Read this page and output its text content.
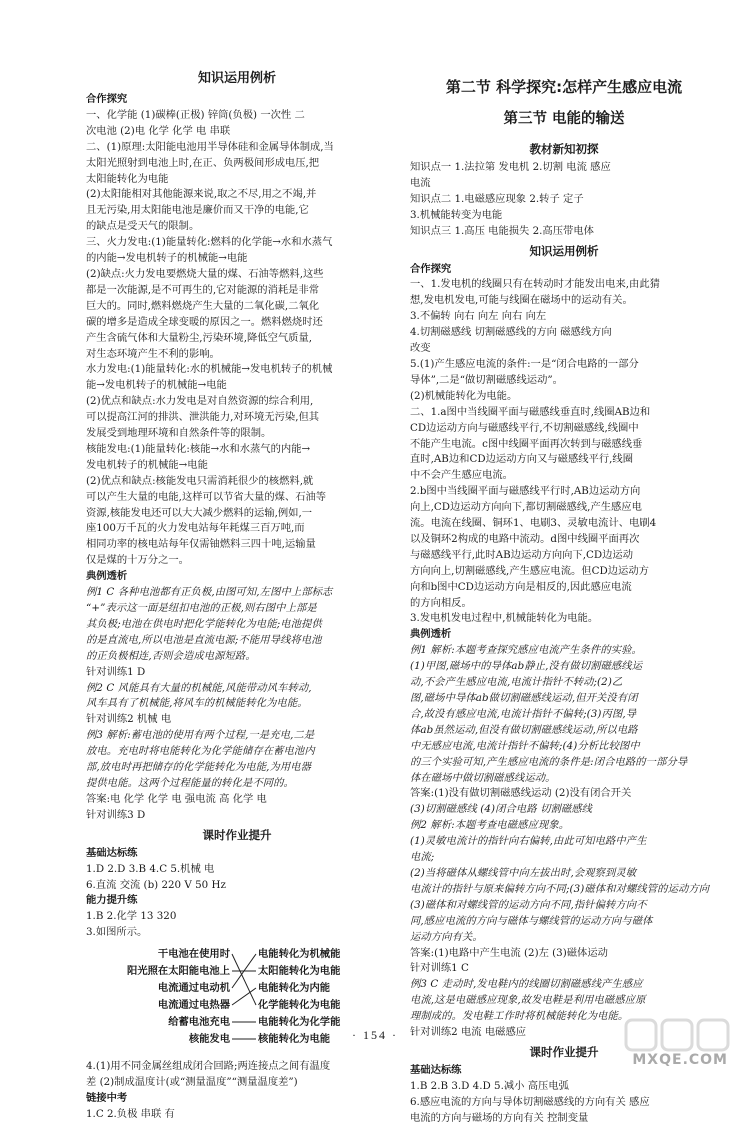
知识运用例析
合作探究
一、化学能 (1)碳棒(正极) 锌筒(负极) 一次性 二
次电池 (2)电 化学 化学 电 串联
二、(1)原理:太阳能电池用半导体硅和金属导体制成,当
太阳光照射到电池上时,在正、负两极间形成电压,把
太阳能转化为电能
(2)太阳能相对其他能源来说,取之不尽,用之不竭,并
且无污染,用太阳能电池是廉价而又干净的电能,它
的缺点是受天气的限制。
三、火力发电:(1)能量转化:燃料的化学能→水和水蒸气
的内能→发电机转子的机械能→电能
(2)缺点:火力发电要燃烧大量的煤、石油等燃料,这些
都是一次能源,是不可再生的,它对能源的消耗是非常
巨大的。同时,燃料燃烧产生大量的二氧化碳,二氧化
碳的增多是造成全球变暖的原因之一。燃料燃烧时还
产生含硫气体和大量粉尘,污染环境,降低空气质量,
对生态环境产生不利的影响。
水力发电:(1)能量转化:水的机械能→发电机转子的机械
能→发电机转子的机械能→电能
(2)优点和缺点:水力发电是对自然资源的综合利用,
可以提高江河的排洪、泄洪能力,对环境无污染,但其
发展受到地理环境和自然条件等的限制。
核能发电:(1)能量转化:核能→水和水蒸气的内能→
发电机转子的机械能→电能
(2)优点和缺点:核能发电只需消耗很少的核燃料,就
可以产生大量的电能,这样可以节省大量的煤、石油等
资源,核能发电还可以大大减少燃料的运输,例如,一
座100万千瓦的火力发电站每年耗煤三百万吨,而
相同功率的核电站每年仅需铀燃料三四十吨,运输量
仅是煤的十万分之一。
典例透析
例1 C 各种电池都有正负极,由图可知,左图中上部标志
“+”表示这一面是纽扣电池的正极,则右图中上部是
其负极;电池在供电时把化学能转化为电能;电池提供
的是直流电,所以电池是直流电源;不能用导线将电池
的正负极相连,否则会造成电源短路。
针对训练1 D
例2 C 风能具有大量的机械能,风能带动风车转动,
风车具有了机械能,将风车的机械能转化为电能。
针对训练2 机械 电
例3 解析:蓄电池的使用有两个过程,一是充电,二是
放电。充电时将电能转化为化学能储存在蓄电池内
部,放电时再把储存的化学能转化为电能,为用电器
提供电能。这两个过程能量的转化是不同的。
答案:电 化学 化学 电 强电流 高 化学 电
针对训练3 D
课时作业提升
基础达标练
1.D 2.D 3.B 4.C 5.机械 电
6.直流 交流 (b) 220 V 50 Hz
能力提升练
1.B 2.化学 13 320
3.如图所示。
干电池在使用时
阳光照在太阳能电池上
电流通过电动机
电流通过电热器
给蓄电池充电
核能发电
电能转化为机械能
太阳能转化为电能
电能转化为内能
化学能转化为电能
电能转化为化学能
核能转化为电能
4.(1)用不同金属丝组成闭合回路;两连接点之间有温度
差 (2)制成温度计(或“测量温度”“测量温度差”)
链接中考
1.C 2.负极 串联 有
第二节 科学探究:怎样产生感应电流
第三节 电能的输送
教材新知初探
知识点一 1.法拉第 发电机 2.切割 电流 感应
电流
知识点二 1.电磁感应现象 2.转子 定子
3.机械能转变为电能
知识点三 1.高压 电能损失 2.高压带电体
知识运用例析
合作探究
一、1.发电机的线圈只有在转动时才能发出电来,由此猜
想,发电机发电,可能与线圈在磁场中的运动有关。
3.不偏转 向右 向左 向右 向左
4.切割磁感线 切割磁感线的方向 磁感线方向
改变
5.(1)产生感应电流的条件:一是“闭合电路的一部分
导体”,二是“做切割磁感线运动”。
(2)机械能转化为电能。
二、1.a图中当线圈平面与磁感线垂直时,线圈AB边和
CD边运动方向与磁感线平行,不切割磁感线,线圈中
不能产生电流。c图中线圈平面再次转到与磁感线垂
直时,AB边和CD边运动方向又与磁感线平行,线圈
中不会产生感应电流。
2.b图中当线圈平面与磁感线平行时,AB边运动方向
向上,CD边运动方向向下,都切割磁感线,产生感应电
流。电流在线圈、铜环1、电刷3、灵敏电流计、电刷4
以及铜环2构成的电路中流动。d图中线圈平面再次
与磁感线平行,此时AB边运动方向向下,CD边运动
方向向上,切割磁感线,产生感应电流。但CD边运动方
向和b图中CD边运动方向是相反的,因此感应电流
的方向相反。
3.发电机发电过程中,机械能转化为电能。
典例透析
例1 解析:本题考查探究感应电流产生条件的实验。
(1)甲图,磁场中的导体ab静止,没有做切割磁感线运
动,不会产生感应电流,电流计指针不转动;(2)乙
图,磁场中导体ab做切割磁感线运动,但开关没有闭
合,故没有感应电流,电流计指针不偏转;(3)丙图,导
体ab虽然运动,但没有做切割磁感线运动,所以电路
中无感应电流,电流计指针不偏转;(4)分析比较图中
的三个实验可知,产生感应电流的条件是:闭合电路的一部分导
体在磁场中做切割磁感线运动。
答案:(1)没有做切割磁感线运动 (2)没有闭合开关
(3)切割磁感线 (4)闭合电路 切割磁感线
例2 解析:本题考查电磁感应现象。
(1)灵敏电流计的指针向右偏转,由此可知电路中产生
电流;
(2)当将磁体从螺线管中向左拔出时,会观察到灵敏
电流计的指针与原来偏转方向不同;(3)磁体和对螺线管的运动方向
(3)磁体和对螺线管的运动方向不同,指针偏转方向不
同,感应电流的方向与磁体与螺线管的运动方向与磁体
运动方向有关。
答案:(1)电路中产生电流 (2)左 (3)磁体运动
针对训练1 C
例3 C 走动时,发电鞋内的线圈切割磁感线产生感应
电流,这是电磁感应现象,故发电鞋是利用电磁感应原
理制成的。发电鞋工作时将机械能转化为电能。
针对训练2 电流 电磁感应
课时作业提升
基础达标练
1.B 2.B 3.D 4.D 5.减小 高压电弧
6.感应电流的方向与导体切割磁感线的方向有关 感应
电流的方向与磁场的方向有关 控制变量
· 154 ·
MXQE.COM
